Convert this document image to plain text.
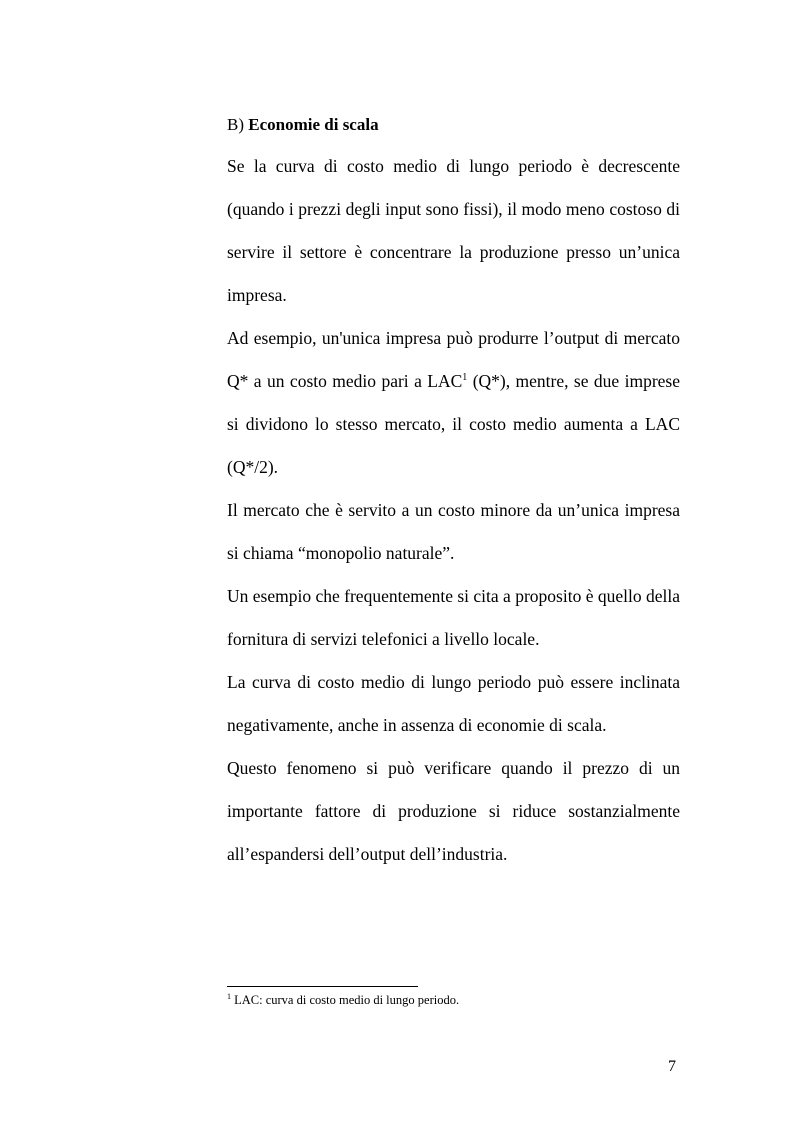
B) Economie di scala

Se la curva di costo medio di lungo periodo è decrescente (quando i prezzi degli input sono fissi), il modo meno costoso di servire il settore è concentrare la produzione presso un’unica impresa.

Ad esempio, un'unica impresa può produrre l’output di mercato Q* a un costo medio pari a LAC$^1$ (Q*), mentre, se due imprese si dividono lo stesso mercato, il costo medio aumenta a LAC (Q*/2).

Il mercato che è servito a un costo minore da un’unica impresa si chiama “monopolio naturale”.

Un esempio che frequentemente si cita a proposito è quello della fornitura di servizi telefonici a livello locale.

La curva di costo medio di lungo periodo può essere inclinata negativamente, anche in assenza di economie di scala.

Questo fenomeno si può verificare quando il prezzo di un importante fattore di produzione si riduce sostanzialmente all’espandersi dell’output dell’industria.

$^1$ LAC: curva di costo medio di lungo periodo.
7
